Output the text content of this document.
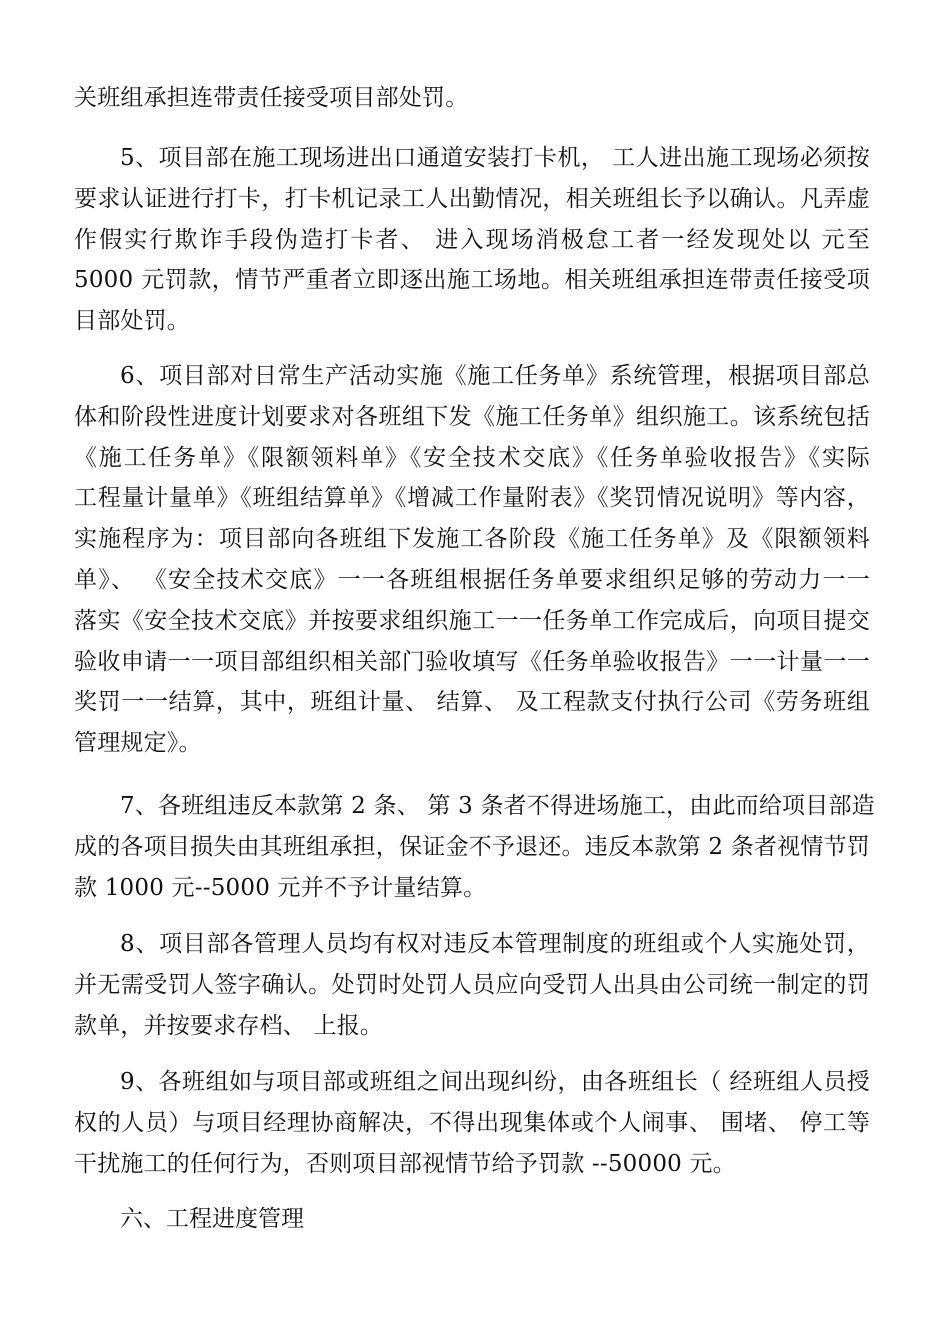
关班组承担连带责任接受项目部处罚。

5、项目部在施工现场进出口通道安装打卡机， 工人进出施工现场必须按
要求认证进行打卡，打卡机记录工人出勤情况，相关班组长予以确认。凡弄虚
作假实行欺诈手段伪造打卡者、 进入现场消极怠工者一经发现处以 元至
5000 元罚款，情节严重者立即逐出施工场地。相关班组承担连带责任接受项
目部处罚。

6、项目部对日常生产活动实施《施工任务单》系统管理，根据项目部总
体和阶段性进度计划要求对各班组下发《施工任务单》组织施工。该系统包括
《施工任务单》《限额领料单》《安全技术交底》《任务单验收报告》《实际
工程量计量单》《班组结算单》《增减工作量附表》《奖罚情况说明》等内容，
实施程序为：项目部向各班组下发施工各阶段《施工任务单》及《限额领料
单》、 《安全技术交底》一一各班组根据任务单要求组织足够的劳动力一一
落实《安全技术交底》并按要求组织施工一一任务单工作完成后，向项目提交
验收申请一一项目部组织相关部门验收填写《任务单验收报告》一一计量一一
奖罚一一结算，其中，班组计量、 结算、 及工程款支付执行公司《劳务班组
管理规定》。

7、各班组违反本款第 2 条、 第 3 条者不得进场施工，由此而给项目部造
成的各项目损失由其班组承担，保证金不予退还。违反本款第 2 条者视情节罚
款 1000 元--5000 元并不予计量结算。

8、项目部各管理人员均有权对违反本管理制度的班组或个人实施处罚，
并无需受罚人签字确认。处罚时处罚人员应向受罚人出具由公司统一制定的罚
款单，并按要求存档、 上报。

9、各班组如与项目部或班组之间出现纠纷，由各班组长（ 经班组人员授
权的人员）与项目经理协商解决，不得出现集体或个人闹事、 围堵、 停工等
干扰施工的任何行为，否则项目部视情节给予罚款 --50000 元。

六、工程进度管理
